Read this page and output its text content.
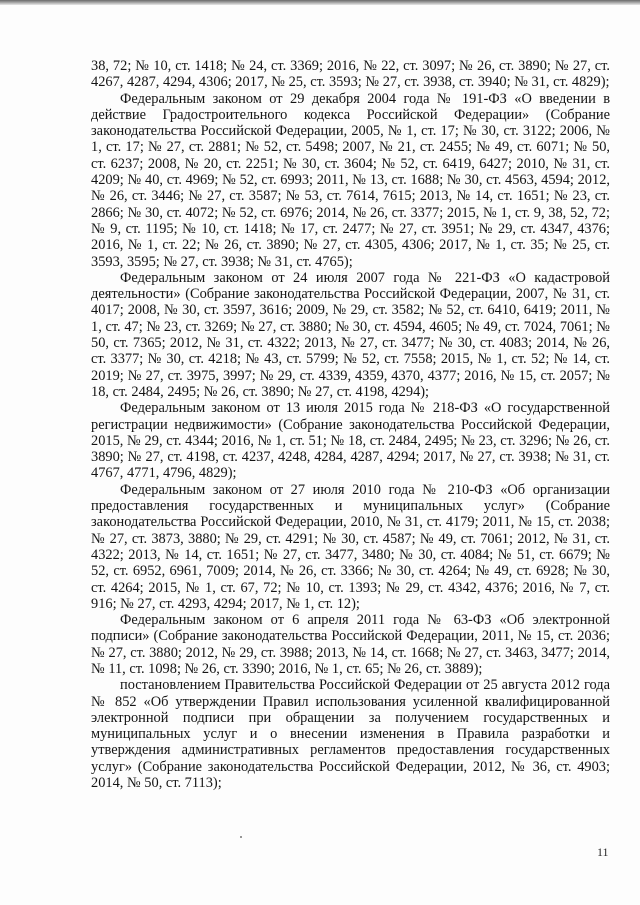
38, 72; № 10, ст. 1418; № 24, ст. 3369; 2016, № 22, ст. 3097; № 26, ст. 3890; № 27, ст. 4267, 4287, 4294, 4306; 2017, № 25, ст. 3593; № 27, ст. 3938, ст. 3940; № 31, ст. 4829);

Федеральным законом от 29 декабря 2004 года № 191-ФЗ «О введении в действие Градостроительного кодекса Российской Федерации» (Собрание законодательства Российской Федерации, 2005, № 1, ст. 17; № 30, ст. 3122; 2006, № 1, ст. 17; № 27, ст. 2881; № 52, ст. 5498; 2007, № 21, ст. 2455; № 49, ст. 6071; № 50, ст. 6237; 2008, № 20, ст. 2251; № 30, ст. 3604; № 52, ст. 6419, 6427; 2010, № 31, ст. 4209; № 40, ст. 4969; № 52, ст. 6993; 2011, № 13, ст. 1688; № 30, ст. 4563, 4594; 2012, № 26, ст. 3446; № 27, ст. 3587; № 53, ст. 7614, 7615; 2013, № 14, ст. 1651; № 23, ст. 2866; № 30, ст. 4072; № 52, ст. 6976; 2014, № 26, ст. 3377; 2015, № 1, ст. 9, 38, 52, 72; № 9, ст. 1195; № 10, ст. 1418; № 17, ст. 2477; № 27, ст. 3951; № 29, ст. 4347, 4376; 2016, № 1, ст. 22; № 26, ст. 3890; № 27, ст. 4305, 4306; 2017, № 1, ст. 35; № 25, ст. 3593, 3595; № 27, ст. 3938; № 31, ст. 4765);

Федеральным законом от 24 июля 2007 года № 221-ФЗ «О кадастровой деятельности» (Собрание законодательства Российской Федерации, 2007, № 31, ст. 4017; 2008, № 30, ст. 3597, 3616; 2009, № 29, ст. 3582; № 52, ст. 6410, 6419; 2011, № 1, ст. 47; № 23, ст. 3269; № 27, ст. 3880; № 30, ст. 4594, 4605; № 49, ст. 7024, 7061; № 50, ст. 7365; 2012, № 31, ст. 4322; 2013, № 27, ст. 3477; № 30, ст. 4083; 2014, № 26, ст. 3377; № 30, ст. 4218; № 43, ст. 5799; № 52, ст. 7558; 2015, № 1, ст. 52; № 14, ст. 2019; № 27, ст. 3975, 3997; № 29, ст. 4339, 4359, 4370, 4377; 2016, № 15, ст. 2057; № 18, ст. 2484, 2495; № 26, ст. 3890; № 27, ст. 4198, 4294);

Федеральным законом от 13 июля 2015 года № 218-ФЗ «О государственной регистрации недвижимости» (Собрание законодательства Российской Федерации, 2015, № 29, ст. 4344; 2016, № 1, ст. 51; № 18, ст. 2484, 2495; № 23, ст. 3296; № 26, ст. 3890; № 27, ст. 4198, ст. 4237, 4248, 4284, 4287, 4294; 2017, № 27, ст. 3938; № 31, ст. 4767, 4771, 4796, 4829);

Федеральным законом от 27 июля 2010 года № 210-ФЗ «Об организации предоставления государственных и муниципальных услуг» (Собрание законодательства Российской Федерации, 2010, № 31, ст. 4179; 2011, № 15, ст. 2038; № 27, ст. 3873, 3880; № 29, ст. 4291; № 30, ст. 4587; № 49, ст. 7061; 2012, № 31, ст. 4322; 2013, № 14, ст. 1651; № 27, ст. 3477, 3480; № 30, ст. 4084; № 51, ст. 6679; № 52, ст. 6952, 6961, 7009; 2014, № 26, ст. 3366; № 30, ст. 4264; № 49, ст. 6928; № 30, ст. 4264; 2015, № 1, ст. 67, 72; № 10, ст. 1393; № 29, ст. 4342, 4376; 2016, № 7, ст. 916; № 27, ст. 4293, 4294; 2017, № 1, ст. 12);

Федеральным законом от 6 апреля 2011 года № 63-ФЗ «Об электронной подписи» (Собрание законодательства Российской Федерации, 2011, № 15, ст. 2036; № 27, ст. 3880; 2012, № 29, ст. 3988; 2013, № 14, ст. 1668; № 27, ст. 3463, 3477; 2014, № 11, ст. 1098; № 26, ст. 3390; 2016, № 1, ст. 65; № 26, ст. 3889);

постановлением Правительства Российской Федерации от 25 августа 2012 года № 852 «Об утверждении Правил использования усиленной квалифицированной электронной подписи при обращении за получением государственных и муниципальных услуг и о внесении изменения в Правила разработки и утверждения административных регламентов предоставления государственных услуг» (Собрание законодательства Российской Федерации, 2012, № 36, ст. 4903; 2014, № 50, ст. 7113);

11
